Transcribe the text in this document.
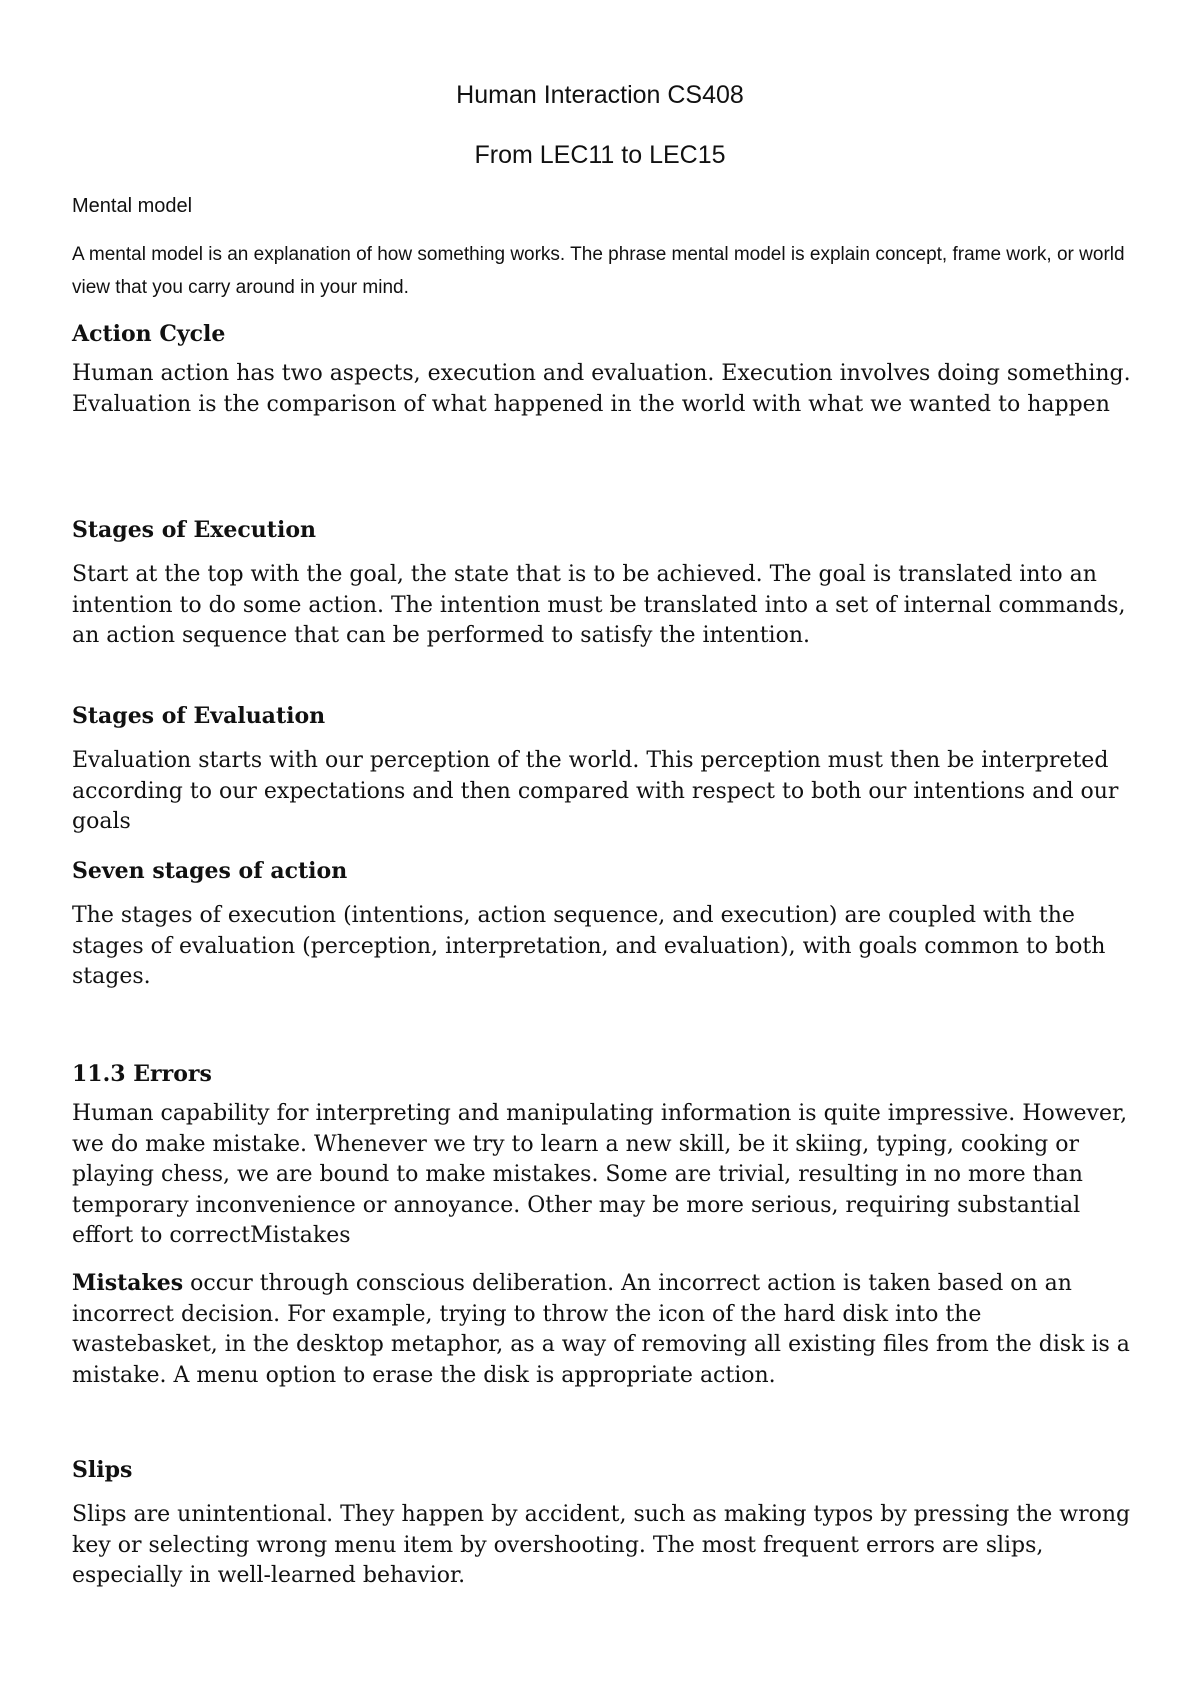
Human Interaction CS408
From LEC11 to LEC15
Mental model
A mental model is an explanation of how something works. The phrase mental model is explain concept, frame work, or world view that you carry around in your mind.
Action Cycle
Human action has two aspects, execution and evaluation. Execution involves doing something. Evaluation is the comparison of what happened in the world with what we wanted to happen
Stages of Execution
Start at the top with the goal, the state that is to be achieved. The goal is translated into an intention to do some action. The intention must be translated into a set of internal commands, an action sequence that can be performed to satisfy the intention.
Stages of Evaluation
Evaluation starts with our perception of the world. This perception must then be interpreted according to our expectations and then compared with respect to both our intentions and our goals
Seven stages of action
The stages of execution (intentions, action sequence, and execution) are coupled with the stages of evaluation (perception, interpretation, and evaluation), with goals common to both stages.
11.3 Errors
Human capability for interpreting and manipulating information is quite impressive. However, we do make mistake. Whenever we try to learn a new skill, be it skiing, typing, cooking or playing chess, we are bound to make mistakes. Some are trivial, resulting in no more than temporary inconvenience or annoyance. Other may be more serious, requiring substantial effort to correctMistakes
Mistakes occur through conscious deliberation. An incorrect action is taken based on an incorrect decision. For example, trying to throw the icon of the hard disk into the wastebasket, in the desktop metaphor, as a way of removing all existing files from the disk is a mistake. A menu option to erase the disk is appropriate action.
Slips
Slips are unintentional. They happen by accident, such as making typos by pressing the wrong key or selecting wrong menu item by overshooting. The most frequent errors are slips, especially in well-learned behavior.
